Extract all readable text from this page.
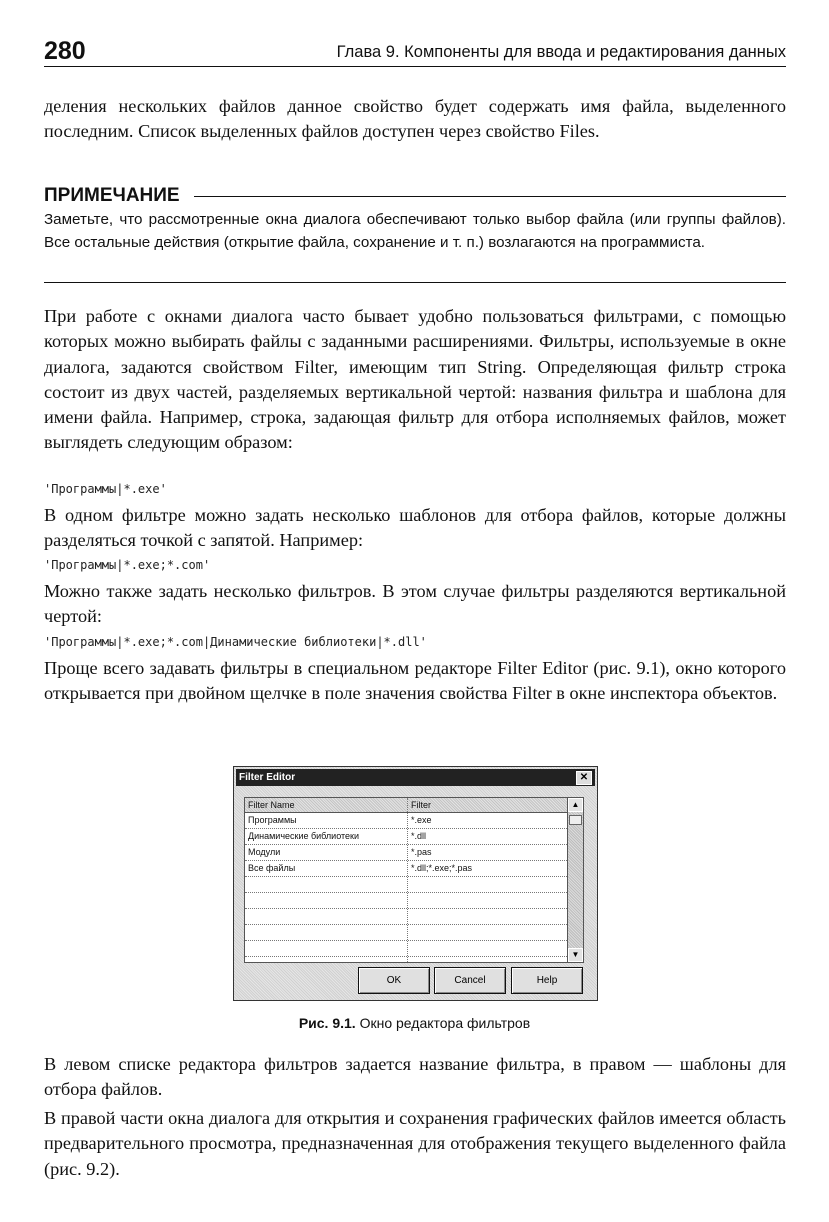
280	Глава 9. Компоненты для ввода и редактирования данных

деления нескольких файлов данное свойство будет содержать имя файла, выделенного последним. Список выделенных файлов доступен через свойство Files.

ПРИМЕЧАНИЕ

Заметьте, что рассмотренные окна диалога обеспечивают только выбор файла (или группы файлов). Все остальные действия (открытие файла, сохранение и т. п.) возлагаются на программиста.

При работе с окнами диалога часто бывает удобно пользоваться фильтрами, с помощью которых можно выбирать файлы с заданными расширениями. Фильтры, используемые в окне диалога, задаются свойством Filter, имеющим тип String. Определяющая фильтр строка состоит из двух частей, разделяемых вертикальной чертой: названия фильтра и шаблона для имени файла. Например, строка, задающая фильтр для отбора исполняемых файлов, может выглядеть следующим образом:

'Программы|*.exe'

В одном фильтре можно задать несколько шаблонов для отбора файлов, которые должны разделяться точкой с запятой. Например:

'Программы|*.exe;*.com'

Можно также задать несколько фильтров. В этом случае фильтры разделяются вертикальной чертой:

'Программы|*.exe;*.com|Динамические библиотеки|*.dll'

Проще всего задавать фильтры в специальном редакторе Filter Editor (рис. 9.1), окно которого открывается при двойном щелчке в поле значения свойства Filter в окне инспектора объектов.

Filter Editor	✕
Filter Name	Filter
Программы	*.exe
Динамические библиотеки	*.dll
Модули	*.pas
Все файлы	*.dll;*.exe;*.pas
▲
▼
OK	Cancel	Help
Рис. 9.1. Окно редактора фильтров

В левом списке редактора фильтров задается название фильтра, в правом — шаблоны для отбора файлов.

В правой части окна диалога для открытия и сохранения графических файлов имеется область предварительного просмотра, предназначенная для отображения текущего выделенного файла (рис. 9.2).
